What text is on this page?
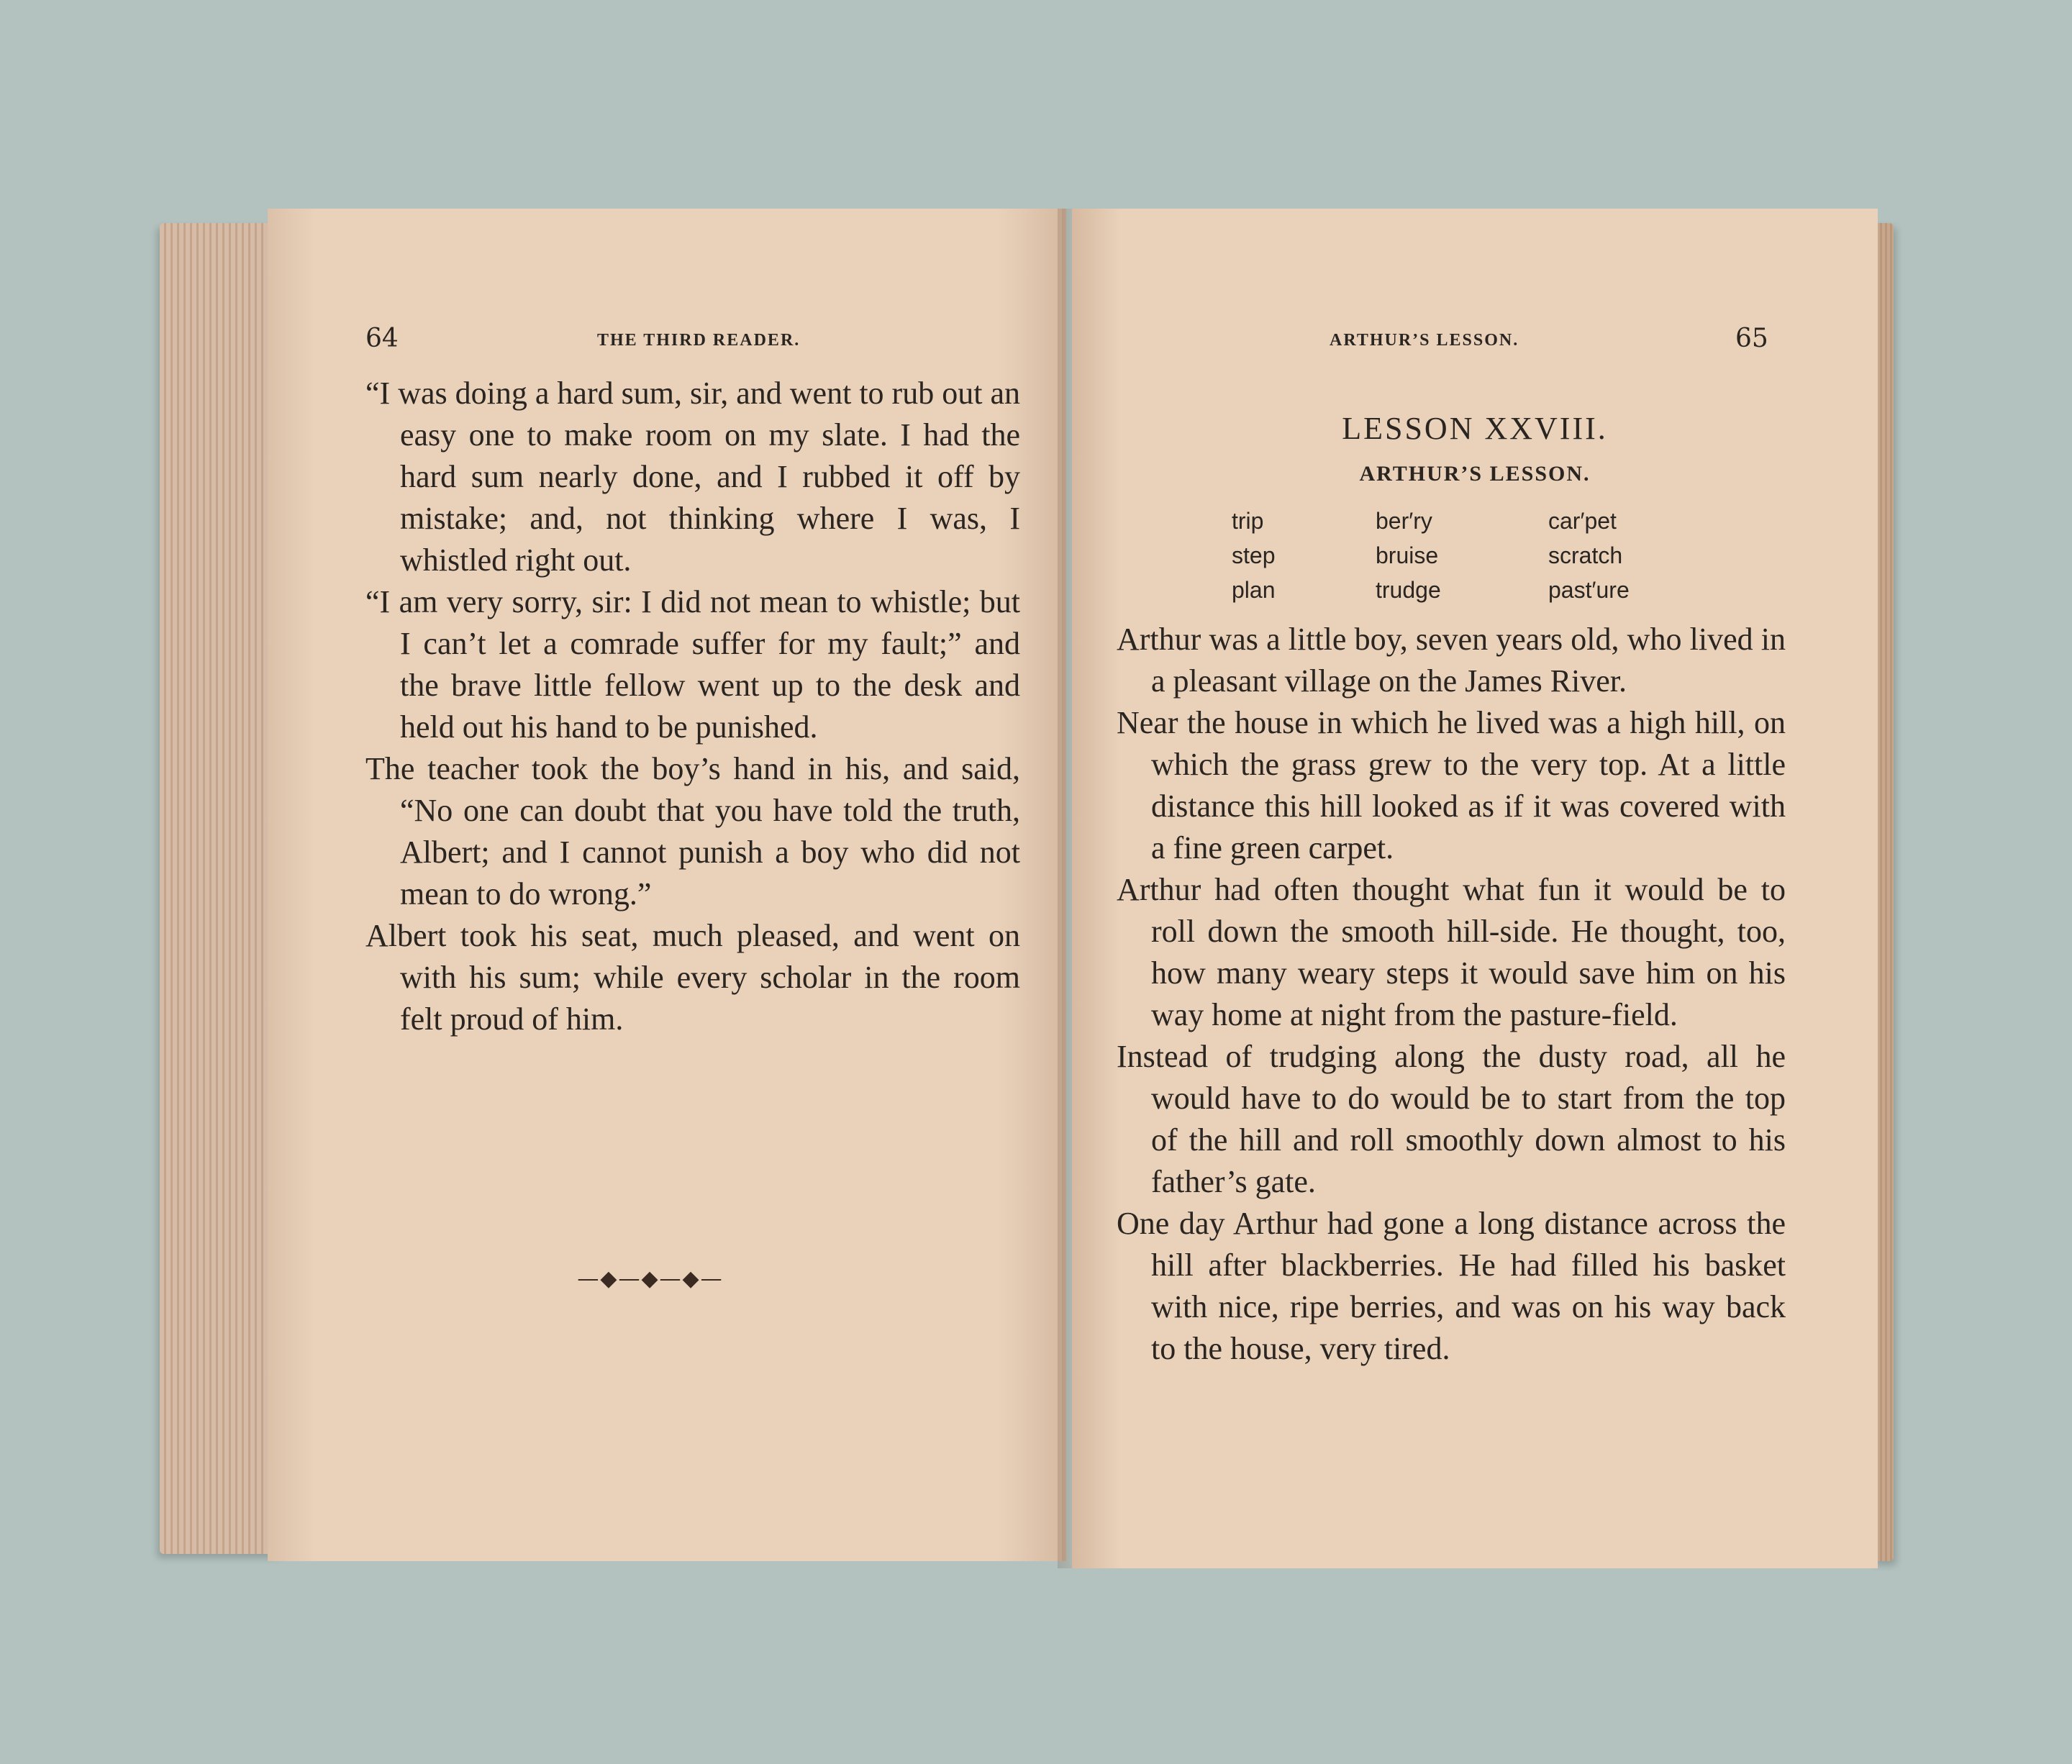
64	THE THIRD READER.

“I was doing a hard sum, sir, and went to rub out an easy one to make room on my slate. I had the hard sum nearly done, and I rubbed it off by mistake; and, not thinking where I was, I whistled right out.

“I am very sorry, sir: I did not mean to whistle; but I can’t let a comrade suffer for my fault;” and the brave little fellow went up to the desk and held out his hand to be punished.

The teacher took the boy’s hand in his, and said, “No one can doubt that you have told the truth, Albert; and I cannot punish a boy who did not mean to do wrong.”

Albert took his seat, much pleased, and went on with his sum; while every scholar in the room felt proud of him.

—◆—◆—◆—
ARTHUR’S LESSON.	65
LESSON XXVIII.
ARTHUR’S LESSON.
trip	ber′ry	car′pet
step	bruise	scratch
plan	trudge	past′ure

Arthur was a little boy, seven years old, who lived in a pleasant village on the James River.

Near the house in which he lived was a high hill, on which the grass grew to the very top. At a little distance this hill looked as if it was covered with a fine green carpet.

Arthur had often thought what fun it would be to roll down the smooth hill-side. He thought, too, how many weary steps it would save him on his way home at night from the pasture-field.

Instead of trudging along the dusty road, all he would have to do would be to start from the top of the hill and roll smoothly down almost to his father’s gate.

One day Arthur had gone a long distance across the hill after blackberries. He had filled his basket with nice, ripe berries, and was on his way back to the house, very tired.
